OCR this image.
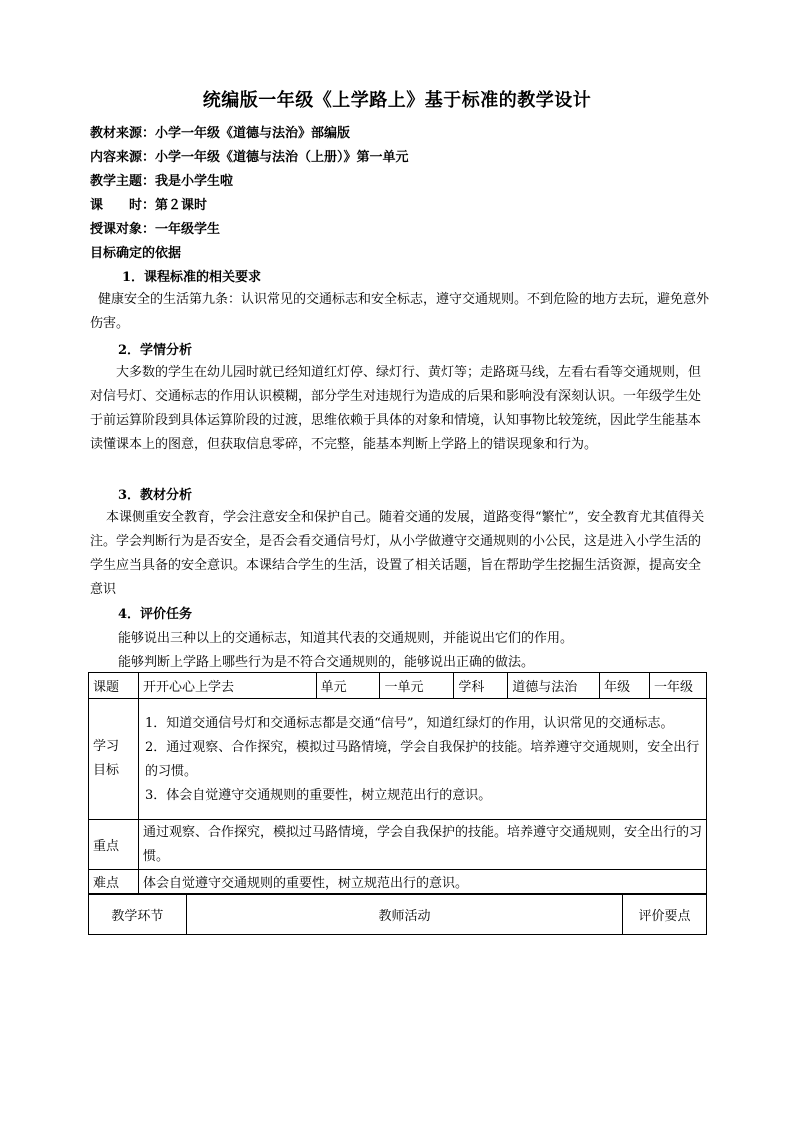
统编版一年级《上学路上》基于标准的教学设计
教材来源：小学一年级《道德与法治》部编版
内容来源：小学一年级《道德与法治（上册）》第一单元
教学主题：我是小学生啦
课　　时：第２课时
授课对象：一年级学生
目标确定的依据
1．课程标准的相关要求

健康安全的生活第九条：认识常见的交通标志和安全标志，遵守交通规则。不到危险的地方去玩，避免意外伤害。

2．学情分析

大多数的学生在幼儿园时就已经知道红灯停、绿灯行、黄灯等；走路斑马线，左看右看等交通规则，但对信号灯、交通标志的作用认识模糊，部分学生对违规行为造成的后果和影响没有深刻认识。一年级学生处于前运算阶段到具体运算阶段的过渡，思维依赖于具体的对象和情境，认知事物比较笼统，因此学生能基本读懂课本上的图意，但获取信息零碎，不完整，能基本判断上学路上的错误现象和行为。

3．教材分析

本课侧重安全教育，学会注意安全和保护自己。随着交通的发展，道路变得“繁忙”，安全教育尤其值得关注。学会判断行为是否安全，是否会看交通信号灯，从小学做遵守交通规则的小公民，这是进入小学生活的学生应当具备的安全意识。本课结合学生的生活，设置了相关话题，旨在帮助学生挖掘生活资源，提高安全意识

4．评价任务
能够说出三种以上的交通标志，知道其代表的交通规则，并能说出它们的作用。
能够判断上学路上哪些行为是不符合交通规则的，能够说出正确的做法。
课题	开开心心上学去	单元	一单元	学科	道德与法治	年级	一年级

学习目标	1．知道交通信号灯和交通标志都是交通“信号”，知道红绿灯的作用，认识常见的交通标志。
2．通过观察、合作探究，模拟过马路情境，学会自我保护的技能。培养遵守交通规则，安全出行的习惯。
3．体会自觉遵守交通规则的重要性，树立规范出行的意识。						

重点	通过观察、合作探究，模拟过马路情境，学会自我保护的技能。培养遵守交通规则，安全出行的习惯。						
难点	体会自觉遵守交通规则的重要性，树立规范出行的意识。						
教学环节	教师活动	评价要点
